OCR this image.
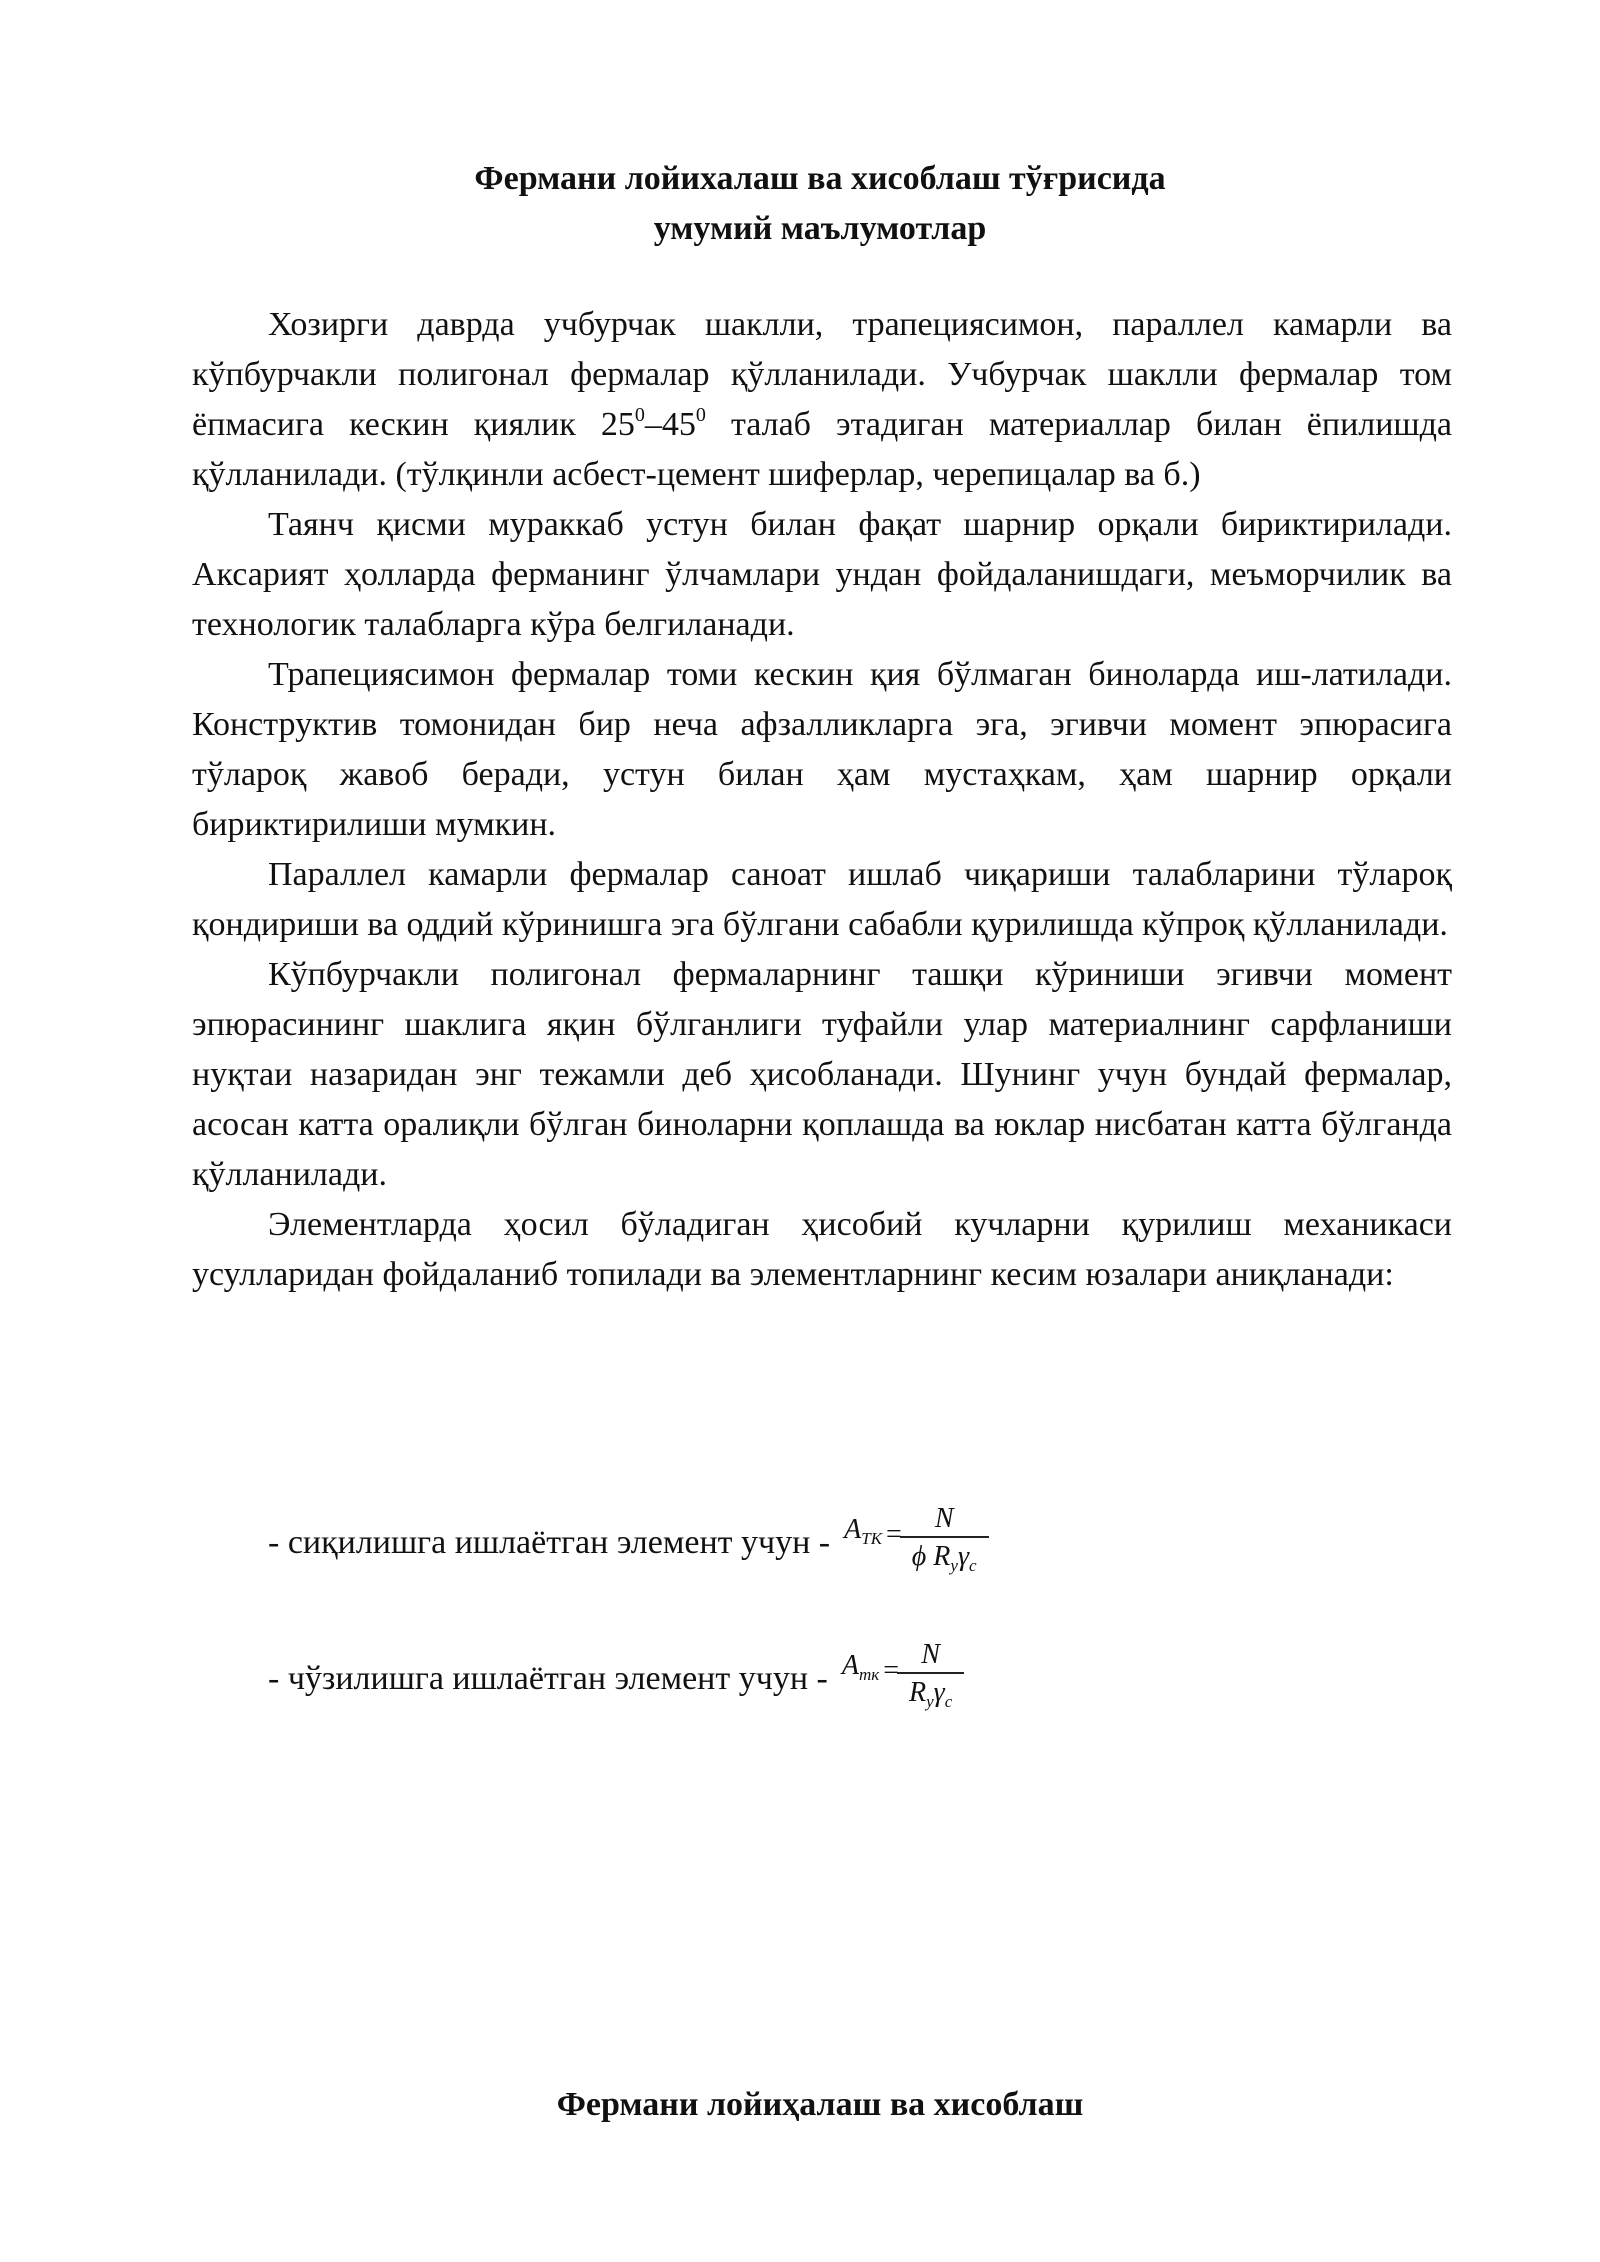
Фермани лойихалаш ва хисоблаш тўғрисида
умумий маълумотлар

Хозирги даврда учбурчак шаклли, трапециясимон, параллел камарли ва кўпбурчакли полигонал фермалар қўлланилади. Учбурчак шаклли фермалар том ёпмасига кескин қиялик $25^0-45^0$ талаб этадиган материаллар билан ёпилишда қўлланилади. (тўлқинли асбест-цемент шиферлар, черепицалар ва б.)

Таянч қисми мураккаб устун билан фақат шарнир орқали бириктирилади. Аксарият ҳолларда ферманинг ўлчамлари ундан фойдаланишдаги, меъморчилик ва технологик талабларга кўра белгиланади.

Трапециясимон фермалар томи кескин қия бўлмаган биноларда иш-латилади. Конструктив томонидан бир неча афзалликларга эга, эгивчи момент эпюрасига тўлароқ жавоб беради, устун билан ҳам мустаҳкам, ҳам шарнир орқали бириктирилиши мумкин.

Параллел камарли фермалар саноат ишлаб чиқариши талабларини тўлароқ қондириши ва оддий кўринишга эга бўлгани сабабли қурилишда кўпроқ қўлланилади.

Кўпбурчакли полигонал фермаларнинг ташқи кўриниши эгивчи момент эпюрасининг шаклига яқин бўлганлиги туфайли улар материалнинг сарфланиши нуқтаи назаридан энг тежамли деб ҳисобланади. Шунинг учун бундай фермалар, асосан катта оралиқли бўлган биноларни қоплашда ва юклар нисбатан катта бўлганда қўлланилади.

Элементларда ҳосил бўладиган ҳисобий кучларни қурилиш механикаси усулларидан фойдаланиб топилади ва элементларнинг кесим юзалари аниқланади:

- сиқилишга ишлаётган элемент учун - $A_{ТК} = \frac{N}{\phi R_y\gamma_c}$
- чўзилишга ишлаётган элемент учун - $A_{тк} = \frac{N}{R_y\gamma_c}$
Фермани лойиҳалаш ва хисоблаш
